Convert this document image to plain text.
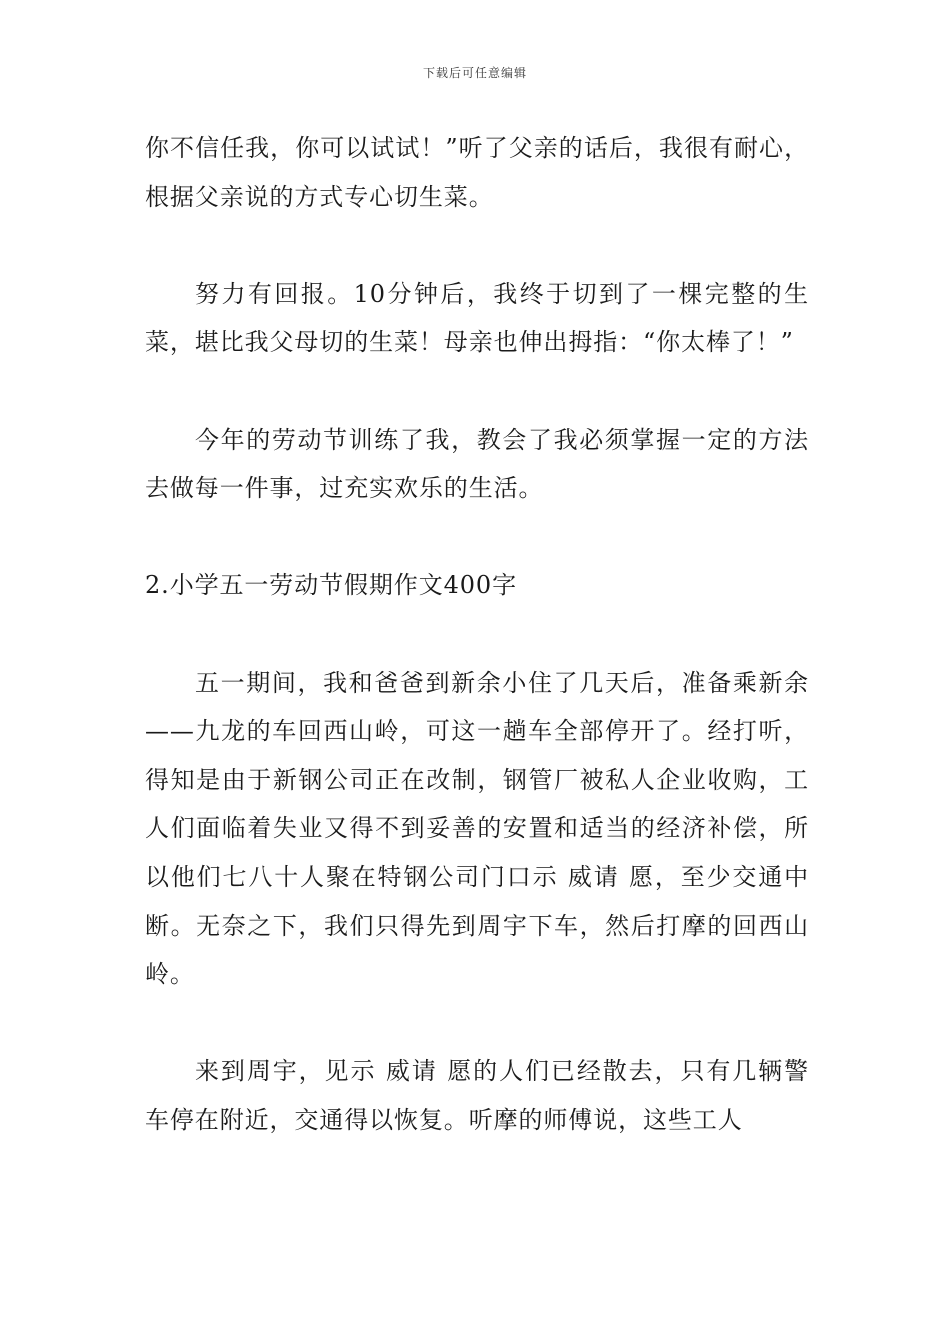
下载后可任意编辑

你不信任我，你可以试试！”听了父亲的话后，我很有耐心，根据父亲说的方式专心切生菜。

努力有回报。10分钟后，我终于切到了一棵完整的生菜，堪比我父母切的生菜！母亲也伸出拇指：“你太棒了！”

今年的劳动节训练了我，教会了我必须掌握一定的方法去做每一件事，过充实欢乐的生活。

2.小学五一劳动节假期作文400字

五一期间，我和爸爸到新余小住了几天后，准备乘新余——九龙的车回西山岭，可这一趟车全部停开了。经打听，得知是由于新钢公司正在改制，钢管厂被私人企业收购，工人们面临着失业又得不到妥善的安置和适当的经济补偿，所以他们七八十人聚在特钢公司门口示 威请 愿，至少交通中断。无奈之下，我们只得先到周宇下车，然后打摩的回西山岭。

来到周宇，见示 威请 愿的人们已经散去，只有几辆警车停在附近，交通得以恢复。听摩的师傅说，这些工人
